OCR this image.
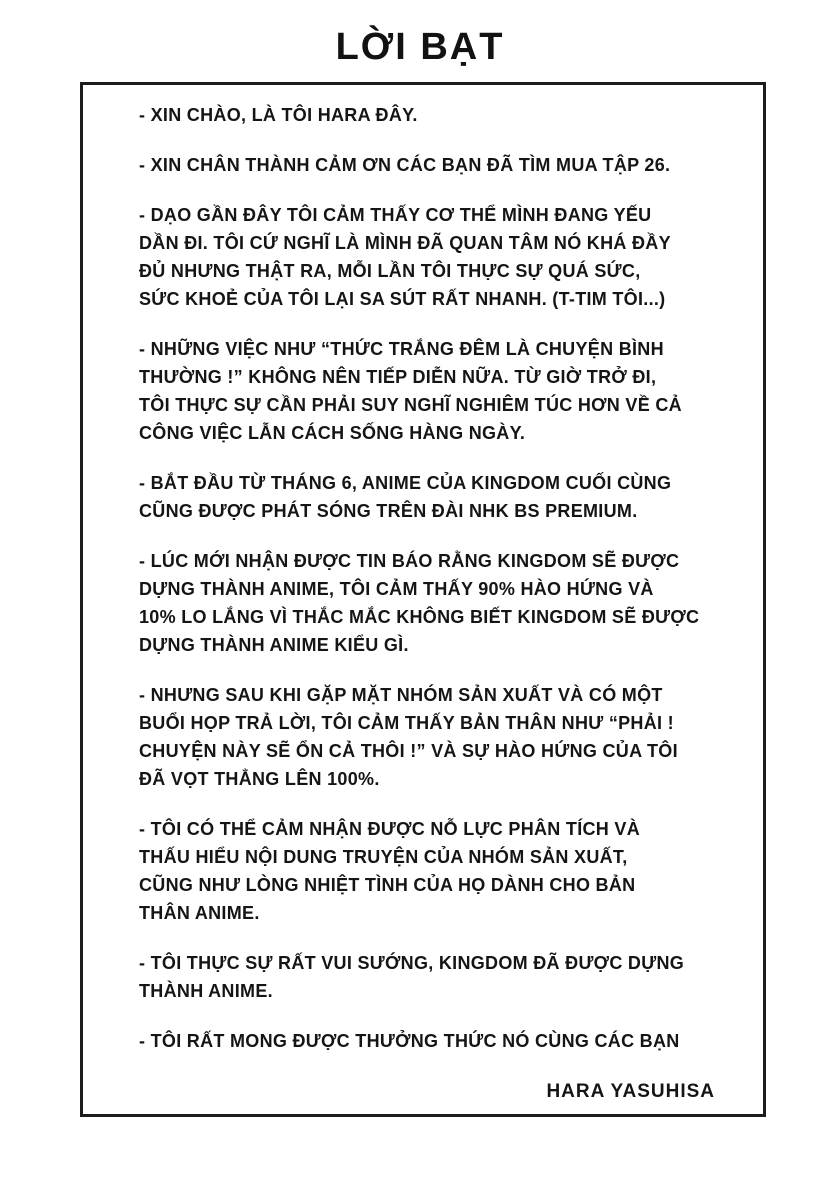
LỜI BẠT
- XIN CHÀO, LÀ TÔI HARA ĐÂY.
- XIN CHÂN THÀNH CẢM ƠN CÁC BẠN ĐÃ TÌM MUA TẬP 26.
- DẠO GẦN ĐÂY TÔI CẢM THẤY CƠ THỂ MÌNH ĐANG YẾU
DẦN ĐI. TÔI CỨ NGHĨ LÀ MÌNH ĐÃ QUAN TÂM NÓ KHÁ ĐẦY
ĐỦ NHƯNG THẬT RA, MỖI LẦN TÔI THỰC SỰ QUÁ SỨC,
SỨC KHOẺ CỦA TÔI LẠI SA SÚT RẤT NHANH. (T-TIM TÔI...)
- NHỮNG VIỆC NHƯ “THỨC TRẮNG ĐÊM LÀ CHUYỆN BÌNH
THƯỜNG !” KHÔNG NÊN TIẾP DIỄN NỮA. TỪ GIỜ TRỞ ĐI,
TÔI THỰC SỰ CẦN PHẢI SUY NGHĨ NGHIÊM TÚC HƠN VỀ CẢ
CÔNG VIỆC LẪN CÁCH SỐNG HÀNG NGÀY.
- BẮT ĐẦU TỪ THÁNG 6, ANIME CỦA KINGDOM CUỐI CÙNG
CŨNG ĐƯỢC PHÁT SÓNG TRÊN ĐÀI NHK BS PREMIUM.
- LÚC MỚI NHẬN ĐƯỢC TIN BÁO RẰNG KINGDOM SẼ ĐƯỢC
DỰNG THÀNH ANIME, TÔI CẢM THẤY 90% HÀO HỨNG VÀ
10% LO LẮNG VÌ THẮC MẮC KHÔNG BIẾT KINGDOM SẼ ĐƯỢC
DỰNG THÀNH ANIME KIỂU GÌ.
- NHƯNG SAU KHI GẶP MẶT NHÓM SẢN XUẤT VÀ CÓ MỘT
BUỔI HỌP TRẢ LỜI, TÔI CẢM THẤY BẢN THÂN NHƯ “PHẢI !
CHUYỆN NÀY SẼ ỔN CẢ THÔI !” VÀ SỰ HÀO HỨNG CỦA TÔI
ĐÃ VỌT THẲNG LÊN 100%.
- TÔI CÓ THỂ CẢM NHẬN ĐƯỢC NỖ LỰC PHÂN TÍCH VÀ
THẤU HIỂU NỘI DUNG TRUYỆN CỦA NHÓM SẢN XUẤT,
CŨNG NHƯ LÒNG NHIỆT TÌNH CỦA HỌ DÀNH CHO BẢN
THÂN ANIME.
- TÔI THỰC SỰ RẤT VUI SƯỚNG, KINGDOM ĐÃ ĐƯỢC DỰNG
THÀNH ANIME.
- TÔI RẤT MONG ĐƯỢC THƯỞNG THỨC NÓ CÙNG CÁC BẠN
HARA YASUHISA
